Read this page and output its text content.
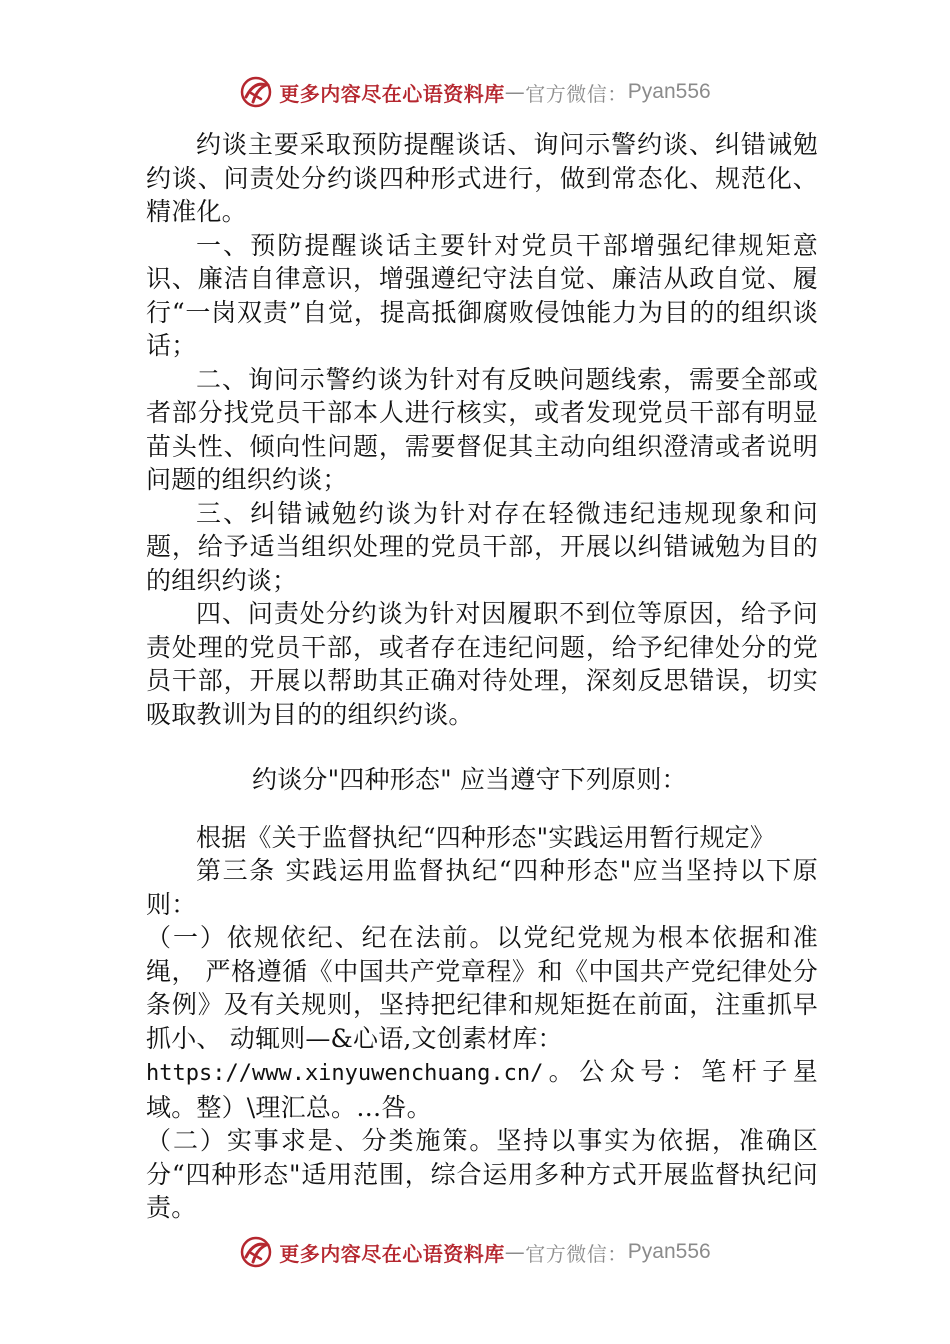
更多内容尽在心语资料库 — 官方微信： Pyan556

约谈主要采取预防提醒谈话、询问示警约谈、纠错诫勉约谈、问责处分约谈四种形式进行，做到常态化、规范化、 精准化。

一、预防提醒谈话主要针对党员干部增强纪律规矩意识、廉洁自律意识，增强遵纪守法自觉、廉洁从政自觉、履行“一岗双责”自觉，提高抵御腐败侵蚀能力为目的的组织谈话；

二、询问示警约谈为针对有反映问题线索，需要全部或者部分找党员干部本人进行核实，或者发现党员干部有明显苗头性、倾向性问题，需要督促其主动向组织澄清或者说明问题的组织约谈；

三、纠错诫勉约谈为针对存在轻微违纪违规现象和问题，给予适当组织处理的党员干部，开展以纠错诫勉为目的的组织约谈；

四、问责处分约谈为针对因履职不到位等原因，给予问责处理的党员干部，或者存在违纪问题，给予纪律处分的党员干部，开展以帮助其正确对待处理，深刻反思错误，切实吸取教训为目的的组织约谈。

约谈分"四种形态" 应当遵守下列原则：

根据《关于监督执纪“四种形态"实践运用暂行规定》

第三条 实践运用监督执纪“四种形态"应当坚持以下原则：

（一）依规依纪、纪在法前。以党纪党规为根本依据和准绳， 严格遵循《中国共产党章程》和《中国共产党纪律处分条例》及有关规则，坚持把纪律和规矩挺在前面，注重抓早抓小、 动辄则—&心语,文创素材库：
https://www.xinyuwenchuang.cn/。公众号：笔杆子星域。整）\理汇总。…咎。

（二）实事求是、分类施策。坚持以事实为依据，准确区分“四种形态"适用范围，综合运用多种方式开展监督执纪问责。

更多内容尽在心语资料库 — 官方微信： Pyan556
